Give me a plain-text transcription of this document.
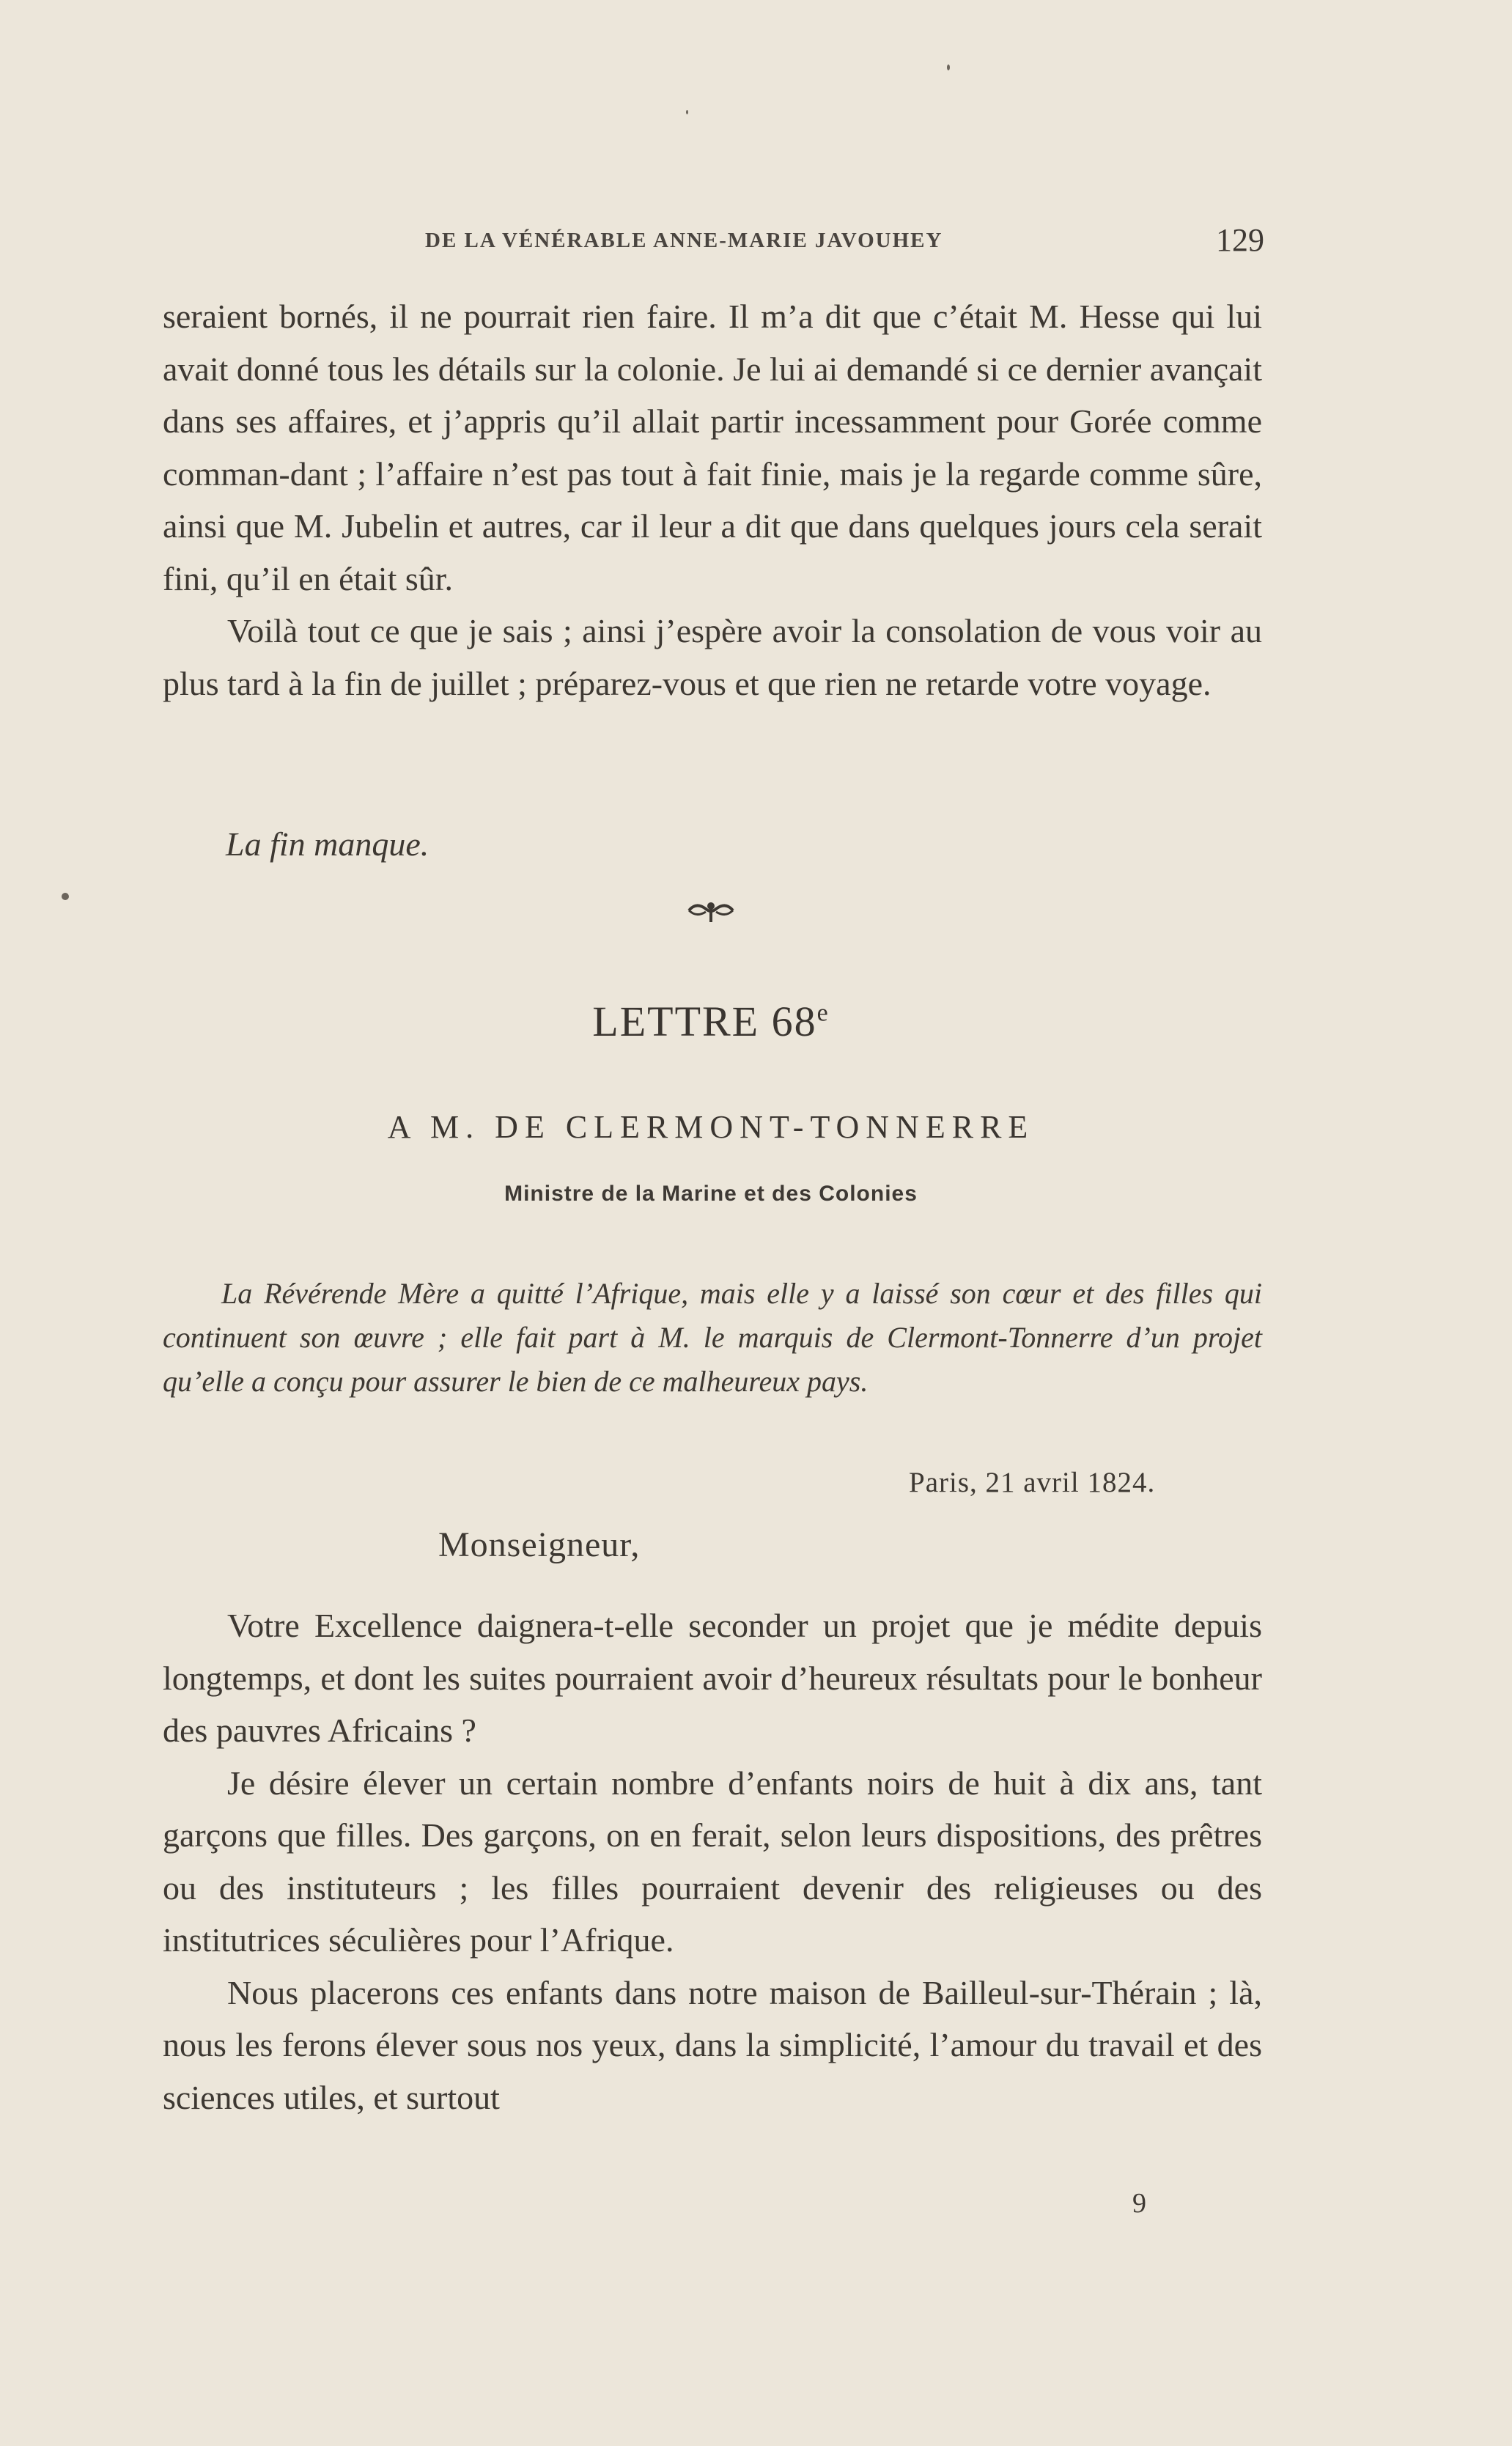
DE LA VÉNÉRABLE ANNE-MARIE JAVOUHEY	129

seraient bornés, il ne pourrait rien faire. Il m’a dit que c’était M. Hesse qui lui avait donné tous les détails sur la colonie. Je lui ai demandé si ce dernier avançait dans ses affaires, et j’appris qu’il allait partir incessamment pour Gorée comme comman-dant ; l’affaire n’est pas tout à fait finie, mais je la regarde comme sûre, ainsi que M. Jubelin et autres, car il leur a dit que dans quelques jours cela serait fini, qu’il en était sûr.

Voilà tout ce que je sais ; ainsi j’espère avoir la consolation de vous voir au plus tard à la fin de juillet ; préparez-vous et que rien ne retarde votre voyage.

La fin manque.
LETTRE 68e
A M. DE CLERMONT-TONNERRE
Ministre de la Marine et des Colonies

La Révérende Mère a quitté l’Afrique, mais elle y a laissé son cœur et des filles qui continuent son œuvre ; elle fait part à M. le marquis de Clermont-Tonnerre d’un projet qu’elle a conçu pour assurer le bien de ce malheureux pays.

Paris, 21 avril 1824.
Monseigneur,

Votre Excellence daignera-t-elle seconder un projet que je médite depuis longtemps, et dont les suites pourraient avoir d’heureux résultats pour le bonheur des pauvres Africains ?

Je désire élever un certain nombre d’enfants noirs de huit à dix ans, tant garçons que filles. Des garçons, on en ferait, selon leurs dispositions, des prêtres ou des instituteurs ; les filles pourraient devenir des religieuses ou des institutrices séculières pour l’Afrique.

Nous placerons ces enfants dans notre maison de Bailleul-sur-Thérain ; là, nous les ferons élever sous nos yeux, dans la simplicité, l’amour du travail et des sciences utiles, et surtout

9
